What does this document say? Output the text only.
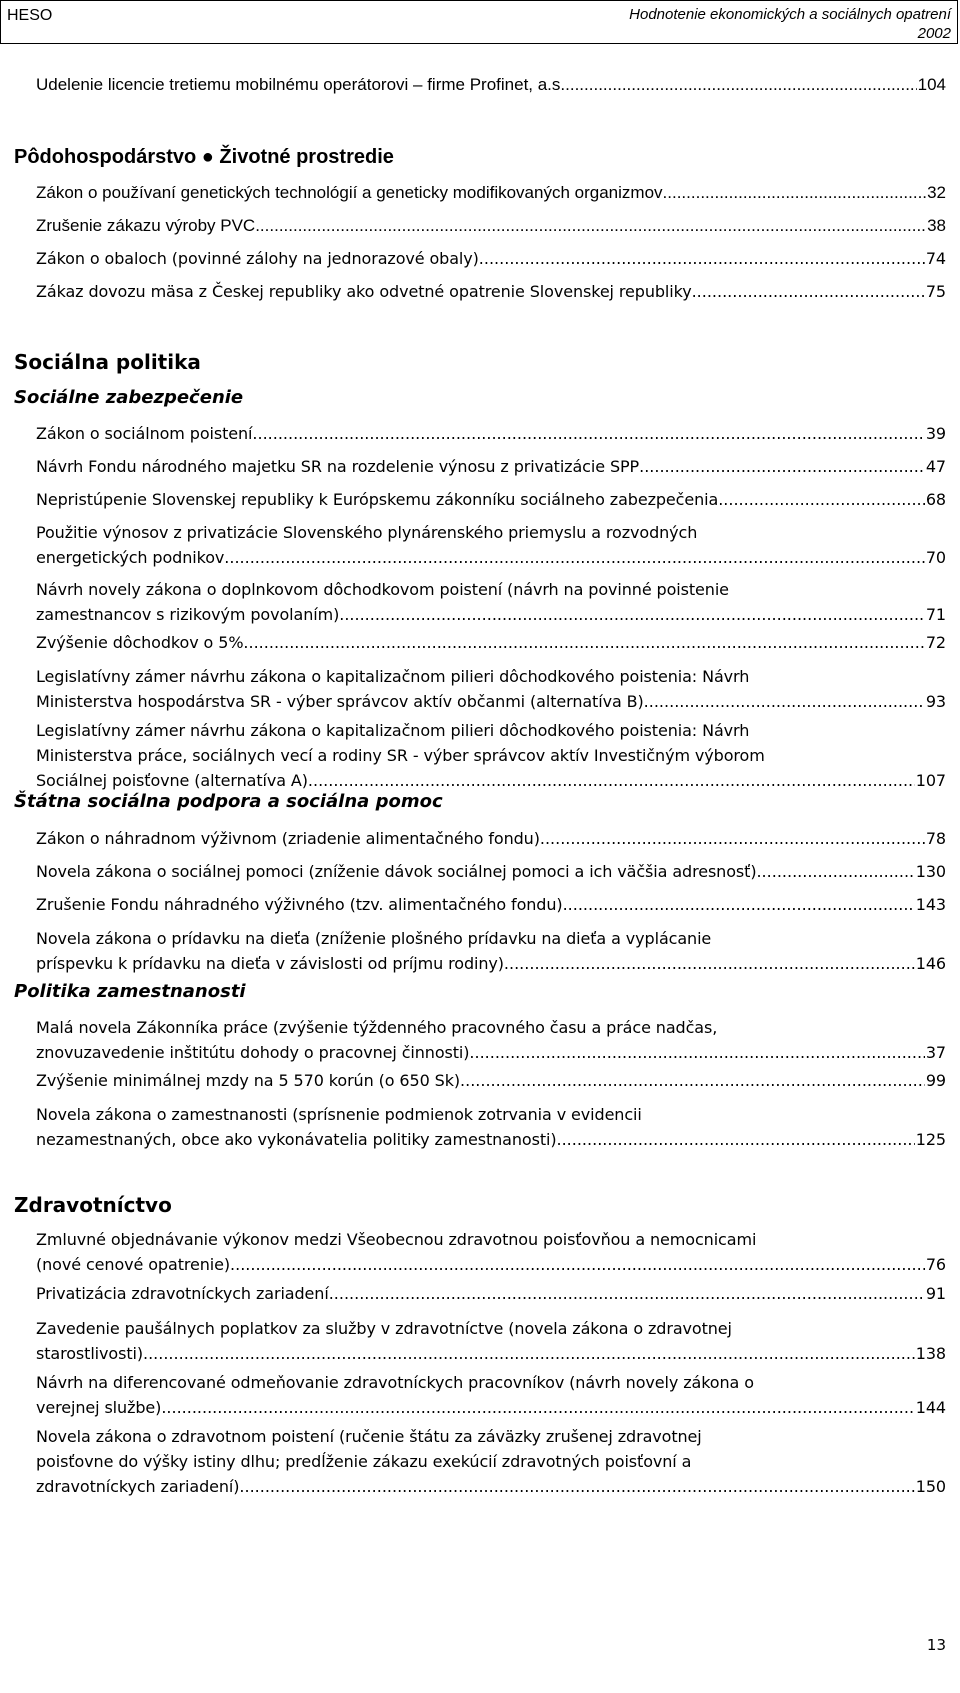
HESO	Hodnotenie ekonomických a sociálnych opatrení
2002
Udelenie licencie tretiemu mobilnému operátorovi – firme Profinet, a.s. .....	104
Pôdohospodárstvo ● Životné prostredie
Zákon o používaní genetických technológií a geneticky modifikovaných organizmov .....	32
Zrušenie zákazu výroby PVC .....	38
Zákon o obaloch (povinné zálohy na jednorazové obaly) .....	74
Zákaz dovozu mäsa z Českej republiky ako odvetné opatrenie Slovenskej republiky .....	75
Sociálna politika
Sociálne zabezpečenie
Zákon o sociálnom poistení .....	39
Návrh Fondu národného majetku SR na rozdelenie výnosu z privatizácie SPP .....	47
Nepristúpenie Slovenskej republiky k Európskemu zákonníku sociálneho zabezpečenia .....	68
Použitie výnosov z privatizácie Slovenského plynárenského priemyslu a rozvodných
energetických podnikov .....	70
Návrh novely zákona o doplnkovom dôchodkovom poistení (návrh na povinné poistenie
zamestnancov s rizikovým povolaním) .....	71
Zvýšenie dôchodkov o 5% .....	72
Legislatívny zámer návrhu zákona o kapitalizačnom pilieri dôchodkového poistenia: Návrh
Ministerstva hospodárstva SR - výber správcov aktív občanmi (alternatíva B) .....	93
Legislatívny zámer návrhu zákona o kapitalizačnom pilieri dôchodkového poistenia: Návrh
Ministerstva práce, sociálnych vecí a rodiny SR - výber správcov aktív Investičným výborom
Sociálnej poisťovne (alternatíva A) .....	107
Štátna sociálna podpora a sociálna pomoc
Zákon o náhradnom výživnom (zriadenie alimentačného fondu) .....	78
Novela zákona o sociálnej pomoci (zníženie dávok sociálnej pomoci a ich väčšia adresnosť) .....	130
Zrušenie Fondu náhradného výživného (tzv. alimentačného fondu) .....	143
Novela zákona o prídavku na dieťa (zníženie plošného prídavku na dieťa a vyplácanie
príspevku k prídavku na dieťa v závislosti od príjmu rodiny) .....	146
Politika zamestnanosti
Malá novela Zákonníka práce (zvýšenie týždenného pracovného času a práce nadčas,
znovuzavedenie inštitútu dohody o pracovnej činnosti) .....	37
Zvýšenie minimálnej mzdy na 5 570 korún (o 650 Sk) .....	99
Novela zákona o zamestnanosti (sprísnenie podmienok zotrvania v evidencii
nezamestnaných, obce ako vykonávatelia politiky zamestnanosti) .....	125
Zdravotníctvo
Zmluvné objednávanie výkonov medzi Všeobecnou zdravotnou poisťovňou a nemocnicami
(nové cenové opatrenie) .....	76
Privatizácia zdravotníckych zariadení .....	91
Zavedenie paušálnych poplatkov za služby v zdravotníctve (novela zákona o zdravotnej
starostlivosti) .....	138
Návrh na diferencované odmeňovanie zdravotníckych pracovníkov (návrh novely zákona o
verejnej službe) .....	144
Novela zákona o zdravotnom poistení (ručenie štátu za záväzky zrušenej zdravotnej
poisťovne do výšky istiny dlhu; predĺženie zákazu exekúcií zdravotných poisťovní a
zdravotníckych zariadení) .....	150
13
